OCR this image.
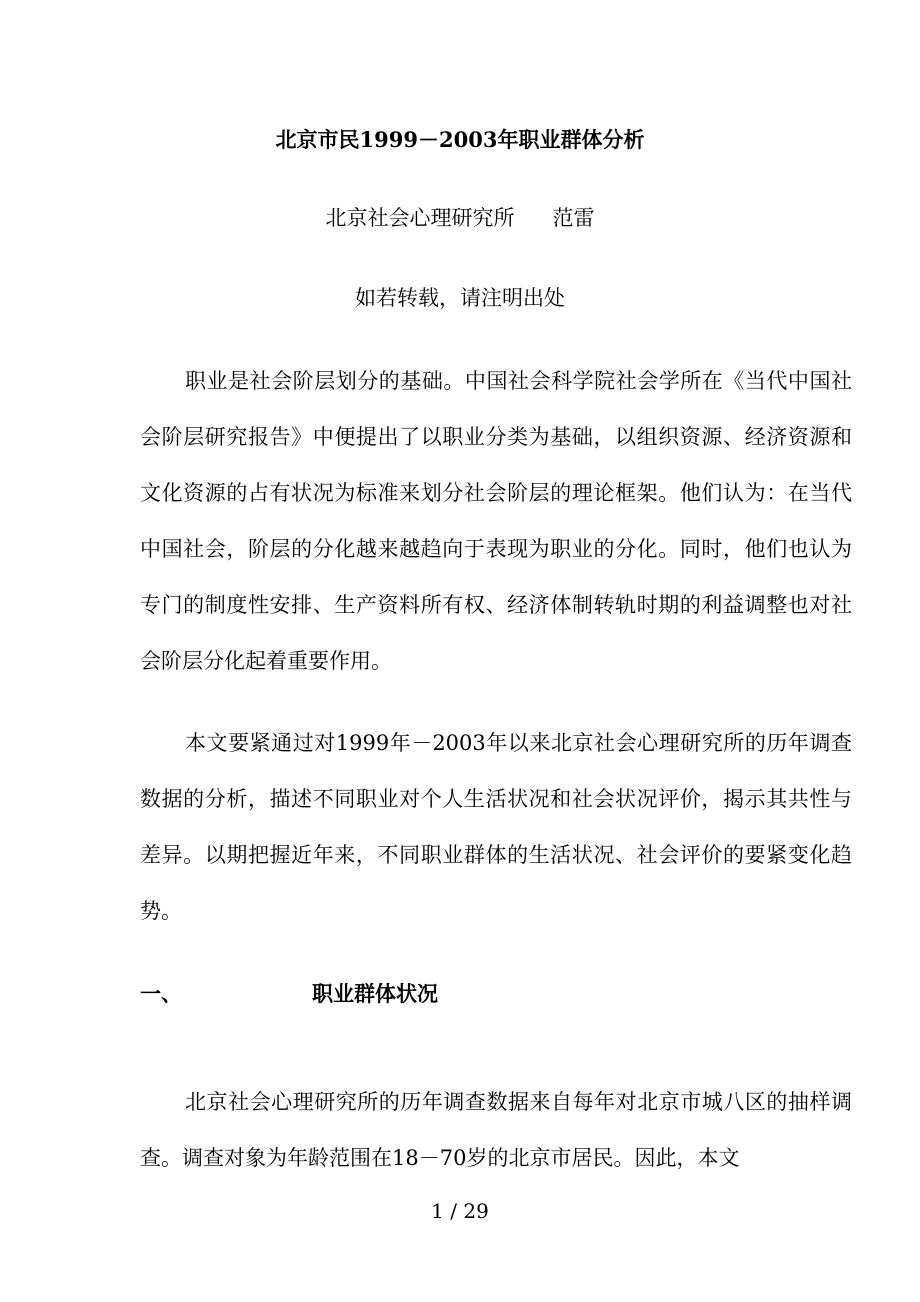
北京市民1999－2003年职业群体分析
北京社会心理研究所 范雷
如若转载，请注明出处

职业是社会阶层划分的基础。中国社会科学院社会学所在《当代中国社会阶层研究报告》中便提出了以职业分类为基础，以组织资源、经济资源和文化资源的占有状况为标准来划分社会阶层的理论框架。他们认为：在当代中国社会，阶层的分化越来越趋向于表现为职业的分化。同时，他们也认为专门的制度性安排、生产资料所有权、经济体制转轨时期的利益调整也对社会阶层分化起着重要作用。

本文要紧通过对1999年－2003年以来北京社会心理研究所的历年调查数据的分析，描述不同职业对个人生活状况和社会状况评价，揭示其共性与差异。以期把握近年来，不同职业群体的生活状况、社会评价的要紧变化趋势。

一、	职业群体状况

北京社会心理研究所的历年调查数据来自每年对北京市城八区的抽样调查。调查对象为年龄范围在18－70岁的北京市居民。因此，本文

1 / 29
